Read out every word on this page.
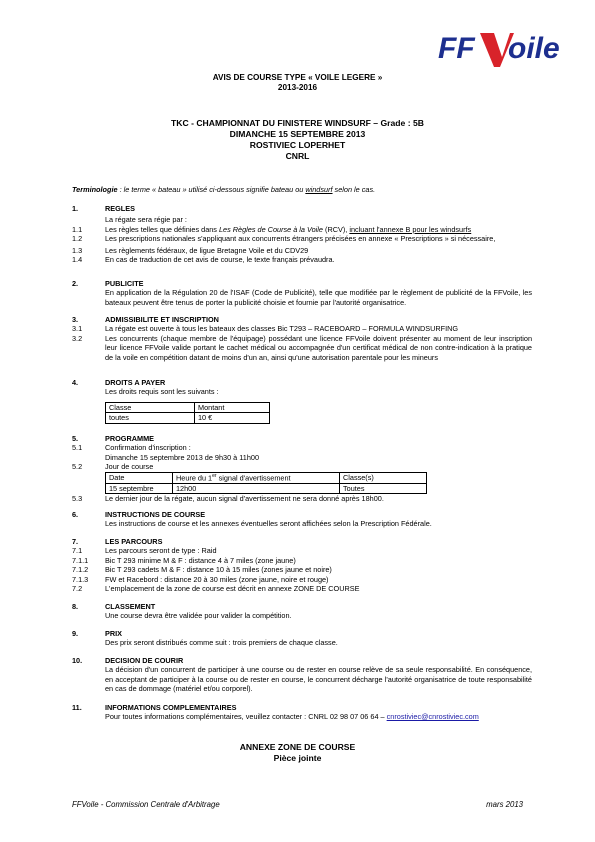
FF oile
AVIS DE COURSE TYPE « VOILE LEGERE »
2013-2016
TKC - CHAMPIONNAT DU FINISTERE WINDSURF – Grade : 5B
DIMANCHE 15 SEPTEMBRE 2013
ROSTIVIEC LOPERHET
CNRL
Terminologie : le terme « bateau » utilisé ci-dessous signifie bateau ou windsurf selon le cas.
1.	REGLES
La régate sera régie par :
1.1	Les règles telles que définies dans Les Règles de Course à la Voile (RCV), incluant l'annexe B pour les windsurfs
1.2	Les prescriptions nationales s'appliquant aux concurrents étrangers précisées en annexe « Prescriptions » si nécessaire,
1.3	Les règlements fédéraux, de ligue Bretagne Voile et du CDV29
1.4	En cas de traduction de cet avis de course, le texte français prévaudra.
2.	PUBLICITE
En application de la Régulation 20 de l'ISAF (Code de Publicité), telle que modifiée par le règlement de publicité de la FFVoile, les bateaux peuvent être tenus de porter la publicité choisie et fournie par l'autorité organisatrice.
3.	ADMISSIBILITE ET INSCRIPTION
3.1	La régate est ouverte à tous les bateaux des classes Bic T293 – RACEBOARD – FORMULA WINDSURFING
3.2	Les concurrents (chaque membre de l'équipage) possédant une licence FFVoile doivent présenter au moment de leur inscription leur licence FFVoile valide portant le cachet médical ou accompagnée d'un certificat médical de non contre-indication à la pratique de la voile en compétition datant de moins d'un an, ainsi qu'une autorisation parentale pour les mineurs
4.	DROITS A PAYER
Les droits requis sont les suivants :
Classe	Montant
toutes	10 €
5.	PROGRAMME
5.1	Confirmation d'inscription :
Dimanche 15 septembre 2013 de 9h30 à 11h00
5.2	Jour de course
Date	Heure du 1er signal d'avertissement	Classe(s)
15 septembre	12h00	Toutes
5.3	Le dernier jour de la régate, aucun signal d'avertissement ne sera donné après 18h00.
6.	INSTRUCTIONS DE COURSE
Les instructions de course et les annexes éventuelles seront affichées selon la Prescription Fédérale.
7.	LES PARCOURS
7.1	Les parcours seront de type : Raid
7.1.1	Bic T 293 minime M & F : distance 4 à 7 miles (zone jaune)
7.1.2	Bic T 293 cadets M & F : distance 10 à 15 miles (zones jaune et noire)
7.1.3	FW et Racebord : distance 20 à 30 miles (zone jaune, noire et rouge)
7.2	L'emplacement de la zone de course est décrit en annexe ZONE DE COURSE
8.	CLASSEMENT
Une course devra être validée pour valider la compétition.
9.	PRIX
Des prix seront distribués comme suit : trois premiers de chaque classe.
10.	DECISION DE COURIR
La décision d'un concurrent de participer à une course ou de rester en course relève de sa seule responsabilité. En conséquence, en acceptant de participer à la course ou de rester en course, le concurrent décharge l'autorité organisatrice de toute responsabilité en cas de dommage (matériel et/ou corporel).
11.	INFORMATIONS COMPLEMENTAIRES
Pour toutes informations complémentaires, veuillez contacter : CNRL 02 98 07 06 64 – cnrostiviec@cnrostiviec.com
ANNEXE ZONE DE COURSE
Pièce jointe
FFVoile - Commission Centrale d'Arbitrage	mars 2013
